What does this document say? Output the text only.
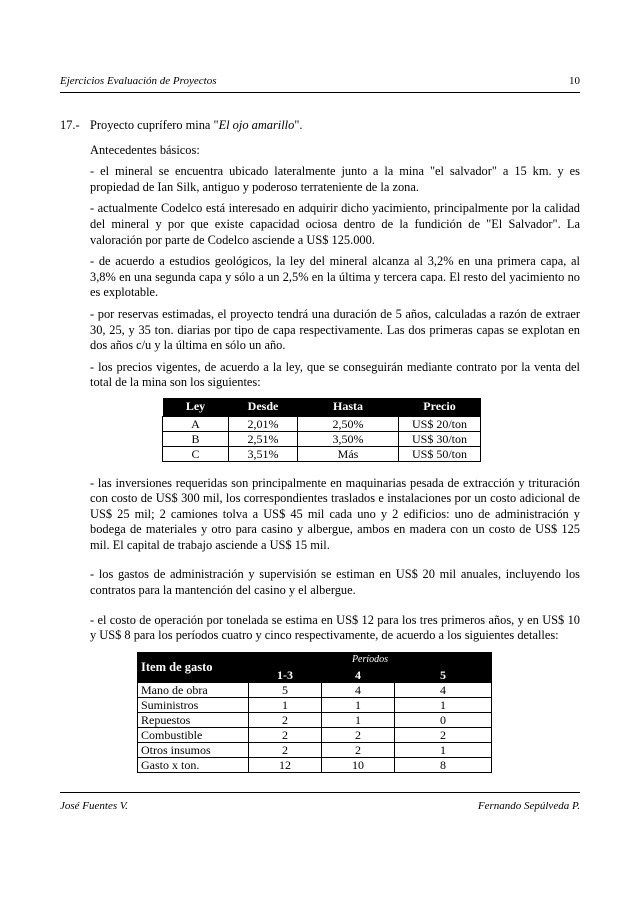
Ejercicios Evaluación de Proyectos	10
17.- Proyecto cuprífero mina "El ojo amarillo".
Antecedentes básicos:
- el mineral se encuentra ubicado lateralmente junto a la mina "el salvador" a 15 km. y es propiedad de Ian Silk, antiguo y poderoso terrateniente de la zona.
- actualmente Codelco está interesado en adquirir dicho yacimiento, principalmente por la calidad del mineral y por que existe capacidad ociosa dentro de la fundición de "El Salvador". La valoración por parte de Codelco asciende a US$ 125.000.
- de acuerdo a estudios geológicos, la ley del mineral alcanza al 3,2% en una primera capa, al 3,8% en una segunda capa y sólo a un 2,5% en la última y tercera capa. El resto del yacimiento no es explotable.
- por reservas estimadas, el proyecto tendrá una duración de 5 años, calculadas a razón de extraer 30, 25, y 35 ton. diarias por tipo de capa respectivamente. Las dos primeras capas se explotan en dos años c/u y la última en sólo un año.
- los precios vigentes, de acuerdo a la ley, que se conseguirán mediante contrato por la venta del total de la mina son los siguientes:
Ley	Desde	Hasta	Precio
A	2,01%	2,50%	US$ 20/ton
B	2,51%	3,50%	US$ 30/ton
C	3,51%	Más	US$ 50/ton
- las inversiones requeridas son principalmente en maquinarias pesada de extracción y trituración con costo de US$ 300 mil, los correspondientes traslados e instalaciones por un costo adicional de US$ 25 mil; 2 camiones tolva a US$ 45 mil cada uno y 2 edificios: uno de administración y bodega de materiales y otro para casino y albergue, ambos en madera con un costo de US$ 125 mil. El capital de trabajo asciende a US$ 15 mil.
- los gastos de administración y supervisión se estiman en US$ 20 mil anuales, incluyendo los contratos para la mantención del casino y el albergue.
- el costo de operación por tonelada se estima en US$ 12 para los tres primeros años, y en US$ 10 y US$ 8 para los períodos cuatro y cinco respectivamente, de acuerdo a los siguientes detalles:
Item de gasto	Períodos		
	1-3	4	5
Mano de obra	5	4	4
Suministros	1	1	1
Repuestos	2	1	0
Combustible	2	2	2
Otros insumos	2	2	1
Gasto x ton.	12	10	8
José Fuentes V.	Fernando Sepúlveda P.
